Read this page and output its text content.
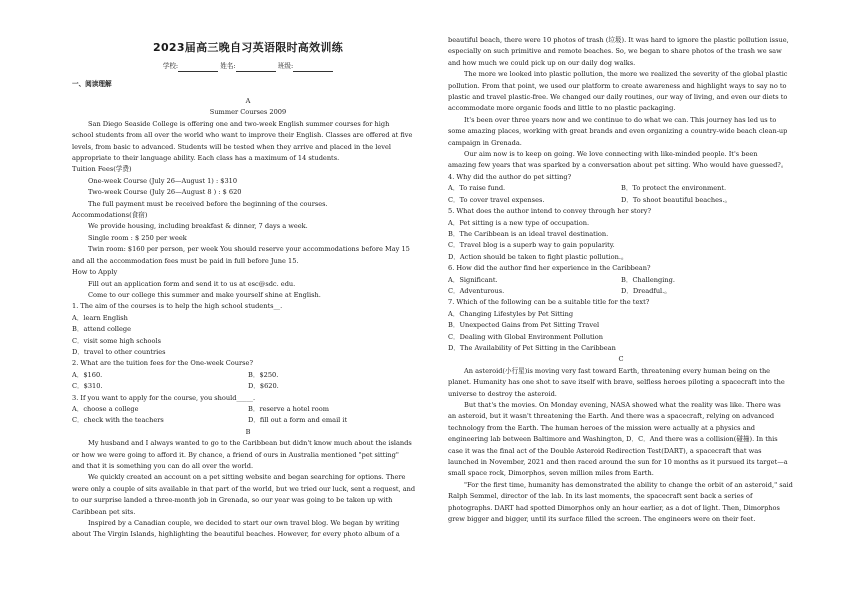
2023届高三晚自习英语限时高效训练
学校:	姓名:	班级:
一、阅读理解
A
Summer Courses 2009
San Diego Seaside College is offering one and two-week English summer courses for high
school students from all over the world who want to improve their English. Classes are offered at five
levels, from basic to advanced. Students will be tested when they arrive and placed in the level
appropriate to their language ability. Each class has a maximum of 14 students.
Tuition Fees(学费)
One-week Course (July 26—August 1) : $310
Two-week Course (July 26—August 8 ) : $ 620
The full payment must be received before the beginning of the courses.
Accommodations(食宿)
We provide housing, including breakfast & dinner, 7 days a week.
Single room : $ 250 per week
Twin room: $160 per person, per week You should reserve your accommodations before May 15
and all the accommodation fees must be paid in full before June 15.
How to Apply
Fill out an application form and send it to us at esc@sdc. edu.
Come to our college this summer and make yourself shine at English.
1. The aim of the courses is to help the high school students__.
A．learn English
B．attend college
C．visit some high schools
D．travel to other countries
2. What are the tuition fees for the One-week Course?
A．$160.	B．$250.
C．$310.	D．$620.
3. If you want to apply for the course, you should_____.
A．choose a college	B．reserve a hotel room
C．check with the teachers	D．fill out a form and email it
B
My husband and I always wanted to go to the Caribbean but didn't know much about the islands
or how we were going to afford it. By chance, a friend of ours in Australia mentioned "pet sitting"
and that it is something you can do all over the world.
We quickly created an account on a pet sitting website and began searching for options. There
were only a couple of sits available in that part of the world, but we tried our luck, sent a request, and
to our surprise landed a three-month job in Grenada, so our year was going to be taken up with
Caribbean pet sits.
Inspired by a Canadian couple, we decided to start our own travel blog. We began by writing
about The Virgin Islands, highlighting the beautiful beaches. However, for every photo album of a
beautiful beach, there were 10 photos of trash (垃圾). It was hard to ignore the plastic pollution issue,
especially on such primitive and remote beaches. So, we began to share photos of the trash we saw
and how much we could pick up on our daily dog walks.
The more we looked into plastic pollution, the more we realized the severity of the global plastic
pollution. From that point, we used our platform to create awareness and highlight ways to say no to
plastic and travel plastic-free. We changed our daily routines, our way of living, and even our diets to
accommodate more organic foods and little to no plastic packaging.
It's been over three years now and we continue to do what we can. This journey has led us to
some amazing places, working with great brands and even organizing a country-wide beach clean-up
campaign in Grenada.
Our aim now is to keep on going. We love connecting with like-minded people. It's been
amazing few years that was sparked by a conversation about pet sitting. Who would have guessed?。
4. Why did the author do pet sitting?
A．To raise fund.	B．To protect the environment.
C．To cover travel expenses.	D．To shoot beautiful beaches.。
5. What does the author intend to convey through her story?
A．Pet sitting is a new type of occupation.
B．The Caribbean is an ideal travel destination.
C．Travel blog is a superb way to gain popularity.
D．Action should be taken to fight plastic pollution.。
6. How did the author find her experience in the Caribbean?
A．Significant.	B．Challenging.
C．Adventurous.	D．Dreadful.。
7. Which of the following can be a suitable title for the text?
A．Changing Lifestyles by Pet Sitting
B．Unexpected Gains from Pet Sitting Travel
C．Dealing with Global Environment Pollution
D．The Availability of Pet Sitting in the Caribbean
C
An asteroid(小行星)is moving very fast toward Earth, threatening every human being on the
planet. Humanity has one shot to save itself with brave, selfless heroes piloting a spacecraft into the
universe to destroy the asteroid.
But that's the movies. On Monday evening, NASA showed what the reality was like. There was
an asteroid, but it wasn't threatening the Earth. And there was a spacecraft, relying on advanced
technology from the Earth. The human heroes of the mission were actually at a physics and
engineering lab between Baltimore and Washington, D．C．And there was a collision(碰撞). In this
case it was the final act of the Double Asteroid Redirection Test(DART), a spacecraft that was
launched in November, 2021 and then raced around the sun for 10 months as it pursued its target—a
small space rock, Dimorphos, seven million miles from Earth.
"For the first time, humanity has demonstrated the ability to change the orbit of an asteroid," said
Ralph Semmel, director of the lab. In its last moments, the spacecraft sent back a series of
photographs. DART had spotted Dimorphos only an hour earlier, as a dot of light. Then, Dimorphos
grew bigger and bigger, until its surface filled the screen. The engineers were on their feet.
